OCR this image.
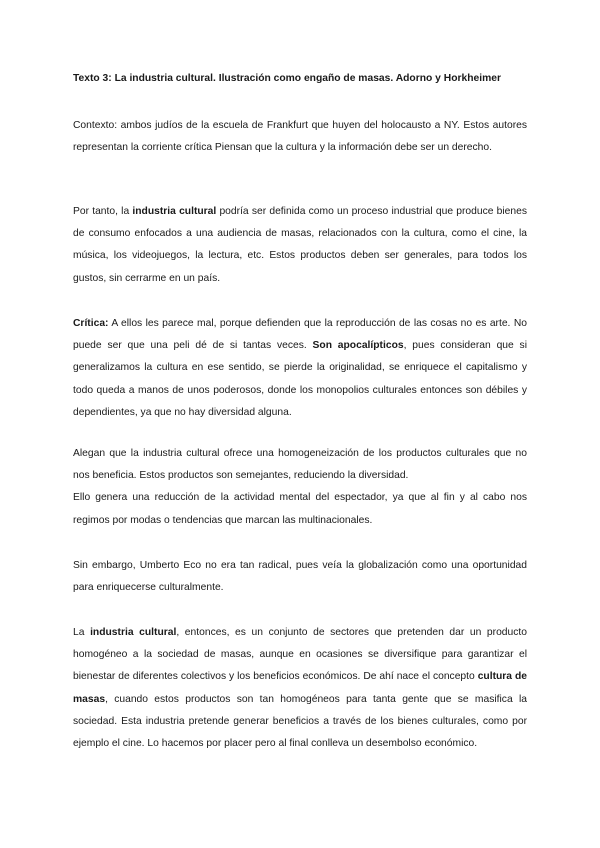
Texto 3: La industria cultural. Ilustración como engaño de masas. Adorno y Horkheimer
Contexto: ambos judíos de la escuela de Frankfurt que huyen del holocausto a NY. Estos autores representan la corriente crítica Piensan que la cultura y la información debe ser un derecho.
Por tanto, la industria cultural podría ser definida como un proceso industrial que produce bienes de consumo enfocados a una audiencia de masas, relacionados con la cultura, como el cine, la música, los videojuegos, la lectura, etc. Estos productos deben ser generales, para todos los gustos, sin cerrarme en un país.
Crítica: A ellos les parece mal, porque defienden que la reproducción de las cosas no es arte. No puede ser que una peli dé de si tantas veces. Son apocalípticos, pues consideran que si generalizamos la cultura en ese sentido, se pierde la originalidad, se enriquece el capitalismo y todo queda a manos de unos poderosos, donde los monopolios culturales entonces son débiles y dependientes, ya que no hay diversidad alguna.
Alegan que la industria cultural ofrece una homogeneización de los productos culturales que no nos beneficia. Estos productos son semejantes, reduciendo la diversidad.
Ello genera una reducción de la actividad mental del espectador, ya que al fin y al cabo nos regimos por modas o tendencias que marcan las multinacionales.
Sin embargo, Umberto Eco no era tan radical, pues veía la globalización como una oportunidad para enriquecerse culturalmente.
La industria cultural, entonces, es un conjunto de sectores que pretenden dar un producto homogéneo a la sociedad de masas, aunque en ocasiones se diversifique para garantizar el bienestar de diferentes colectivos y los beneficios económicos. De ahí nace el concepto cultura de masas, cuando estos productos son tan homogéneos para tanta gente que se masifica la sociedad. Esta industria pretende generar beneficios a través de los bienes culturales, como por ejemplo el cine. Lo hacemos por placer pero al final conlleva un desembolso económico.
